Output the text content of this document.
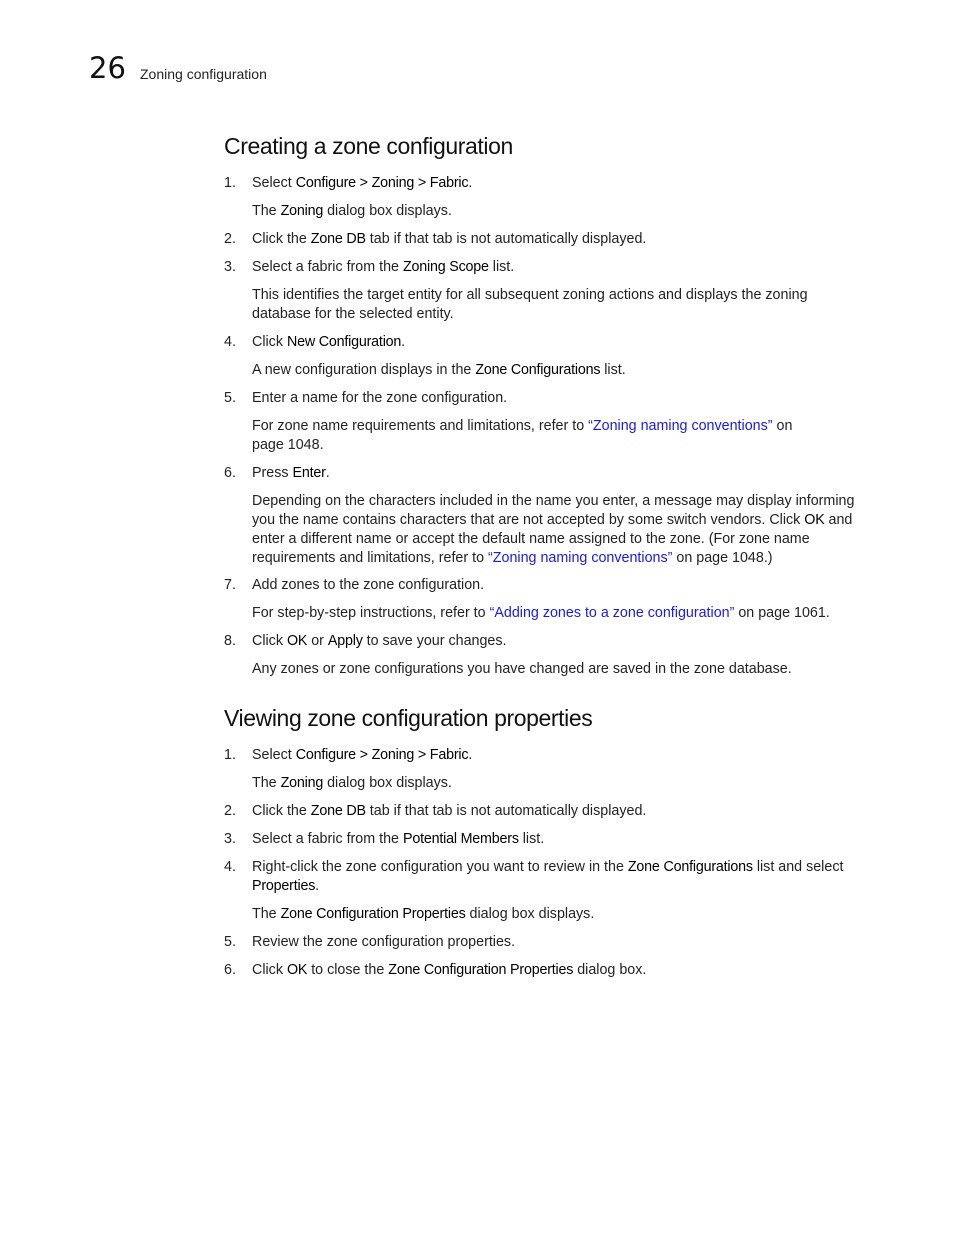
26 Zoning configuration
Creating a zone configuration
1.	Select Configure > Zoning > Fabric.
The Zoning dialog box displays.
2.	Click the Zone DB tab if that tab is not automatically displayed.
3.	Select a fabric from the Zoning Scope list.
This identifies the target entity for all subsequent zoning actions and displays the zoning
database for the selected entity.
4.	Click New Configuration.
A new configuration displays in the Zone Configurations list.
5.	Enter a name for the zone configuration.
For zone name requirements and limitations, refer to “Zoning naming conventions” on
page 1048.
6.	Press Enter.
Depending on the characters included in the name you enter, a message may display informing
you the name contains characters that are not accepted by some switch vendors. Click OK and
enter a different name or accept the default name assigned to the zone. (For zone name
requirements and limitations, refer to “Zoning naming conventions” on page 1048.)
7.	Add zones to the zone configuration.
For step-by-step instructions, refer to “Adding zones to a zone configuration” on page 1061.
8.	Click OK or Apply to save your changes.
Any zones or zone configurations you have changed are saved in the zone database.
Viewing zone configuration properties
1.	Select Configure > Zoning > Fabric.
The Zoning dialog box displays.
2.	Click the Zone DB tab if that tab is not automatically displayed.
3.	Select a fabric from the Potential Members list.
4.	Right-click the zone configuration you want to review in the Zone Configurations list and select
Properties.
The Zone Configuration Properties dialog box displays.
5.	Review the zone configuration properties.
6.	Click OK to close the Zone Configuration Properties dialog box.
